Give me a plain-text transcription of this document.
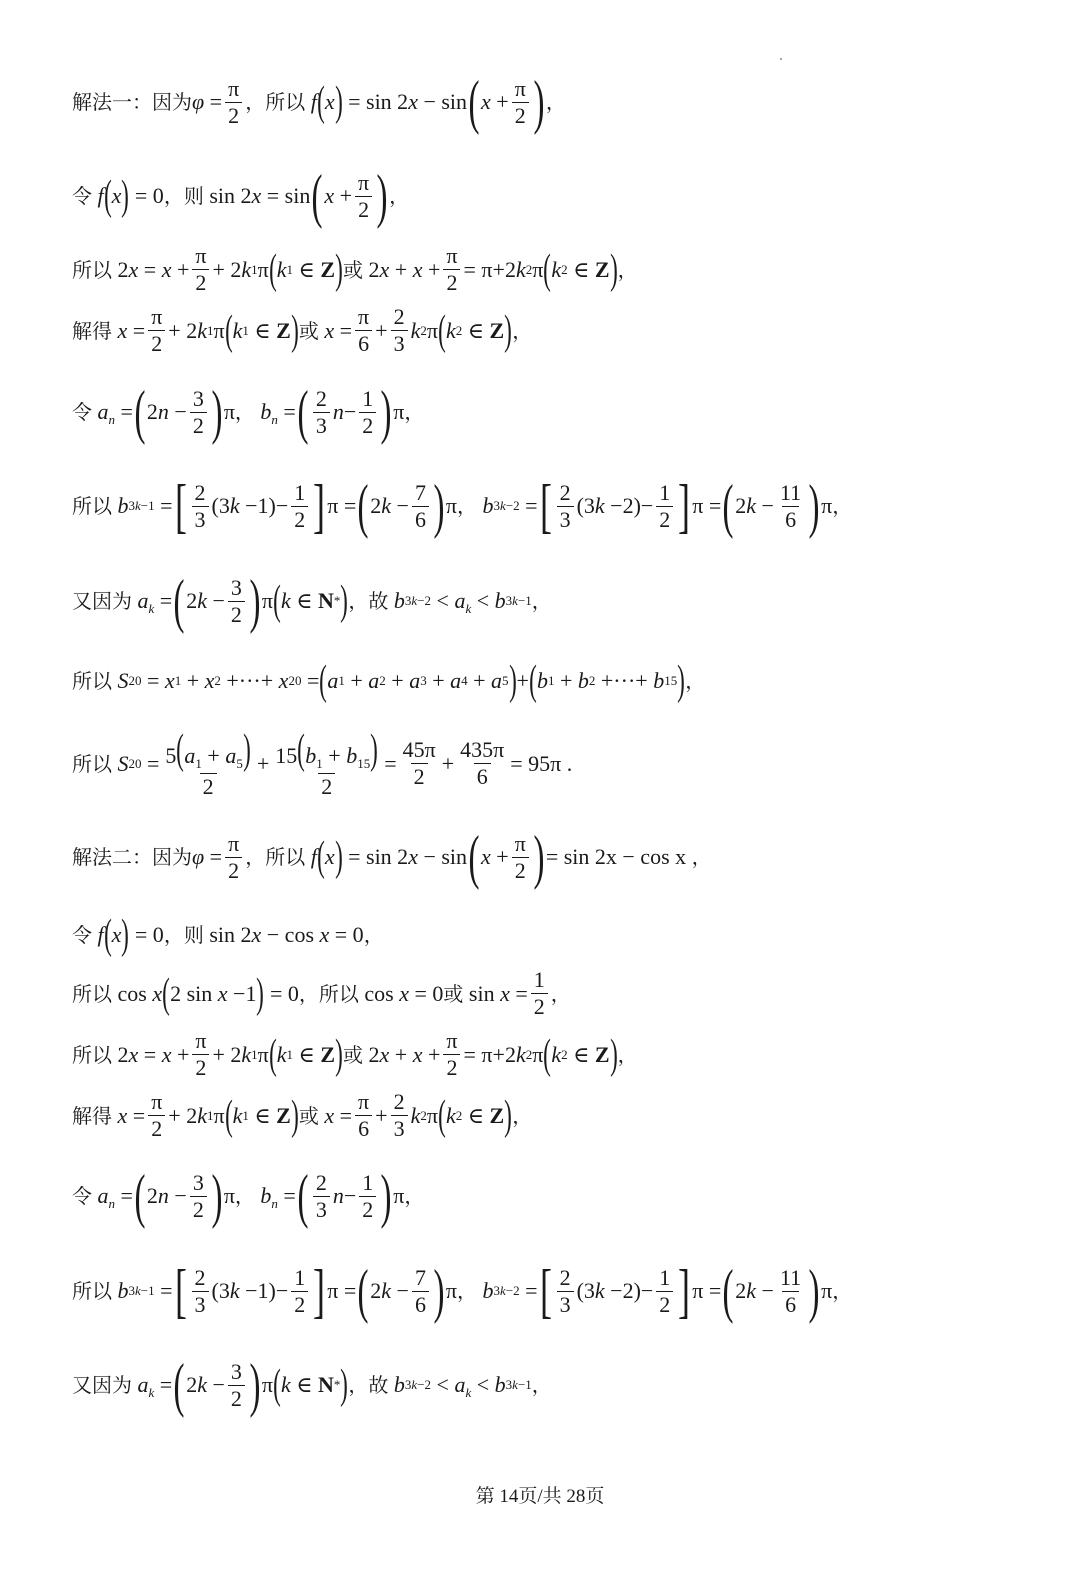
解法一： 因为 $\varphi = \frac{\pi}{2}$ ， 所以 f ( x ) = sin 2 x − sin ( $x + \frac{\pi}{2}$ ) ，
令 f ( x ) = 0 ， 则 sin 2 x = sin ( $x + \frac{\pi}{2}$ ) ，
所以 2 $x = x + \frac{\pi}{2} + 2$ k 1 π ( k 1 ∈ Z ) 或 2 $x + x + \frac{\pi}{2} = \pi+2$ k 2 π ( k 2 ∈ Z ) ，
解得
$x = \frac{\pi}{2} + 2$ k 1 π ( k 1 ∈ Z ) 或
$x = \frac{\pi}{6} + \frac{2}{3}$ k 2 π ( k 2 ∈ Z ) ，
令
$a_n$ = ( 2 $n - \frac{3}{2}$ ) π ，
$b_n$ = ( $\frac{2}{3}$ $n - \frac{1}{2}$ ) π ，
所以
b 3k−1 = [ $\frac{2}{3} (3$ $k -1)- \frac{1}{2}$ ] π = ( 2 $k - \frac{7}{6}$ ) π ，
b 3k−2 = [ $\frac{2}{3} (3$ $k -2)- \frac{1}{2}$ ] π = ( 2 $k - \frac{11}{6}$ ) π ，
又因为
$a_k$ = ( 2 $k - \frac{3}{2}$ ) π ( k ∈ N * ) ， 故
b $3k-2 < a_k < b$ 3k−1 ，
所以
S 20 = x 1 + x 2 +···+ x 20 = ( a 1 + a 2 + a 3 + a 4 + a 5 ) + ( b 1 + b 2 +···+ b 15 ) ，
所以
S $20 = \frac{5(a_1 + a_5)}{2} + \frac{15(b_1 + b_{15})}{2} = \frac{45\pi}{2} + \frac{435\pi}{6} = 95\pi$ .
解法二： 因为 $\varphi = \frac{\pi}{2}$ ， 所以 f ( x ) = sin 2 x − sin ( $x + \frac{\pi}{2}$ ) = sin 2x − cos x
，
令 f ( x ) = 0 ， 则 sin 2 x − cos x = 0 ，
所以 cos x ( 2 sin x −1 ) = 0 ， 所以 cos x = 0 或 $\sin x = \frac{1}{2}$ ，
所以 2 $x = x + \frac{\pi}{2} + 2$ k 1 π ( k 1 ∈ Z ) 或 2 $x + x + \frac{\pi}{2} = \pi+2$ k 2 π ( k 2 ∈ Z ) ，
解得
$x = \frac{\pi}{2} + 2$ k 1 π ( k 1 ∈ Z ) 或
$x = \frac{\pi}{6} + \frac{2}{3}$ k 2 π ( k 2 ∈ Z ) ，
令
$a_n$ = ( 2 $n - \frac{3}{2}$ ) π ，
$b_n$ = ( $\frac{2}{3}$ $n - \frac{1}{2}$ ) π ，
所以
b 3k−1 = [ $\frac{2}{3} (3$ $k -1)- \frac{1}{2}$ ] π = ( 2 $k - \frac{7}{6}$ ) π ，
b 3k−2 = [ $\frac{2}{3} (3$ $k -2)- \frac{1}{2}$ ] π = ( 2 $k - \frac{11}{6}$ ) π ，
又因为
$a_k$ = ( 2 $k - \frac{3}{2}$ ) π ( k ∈ N * ) ， 故
b $3k-2 < a_k < b$ 3k−1 ，
第 14页/共 28页
